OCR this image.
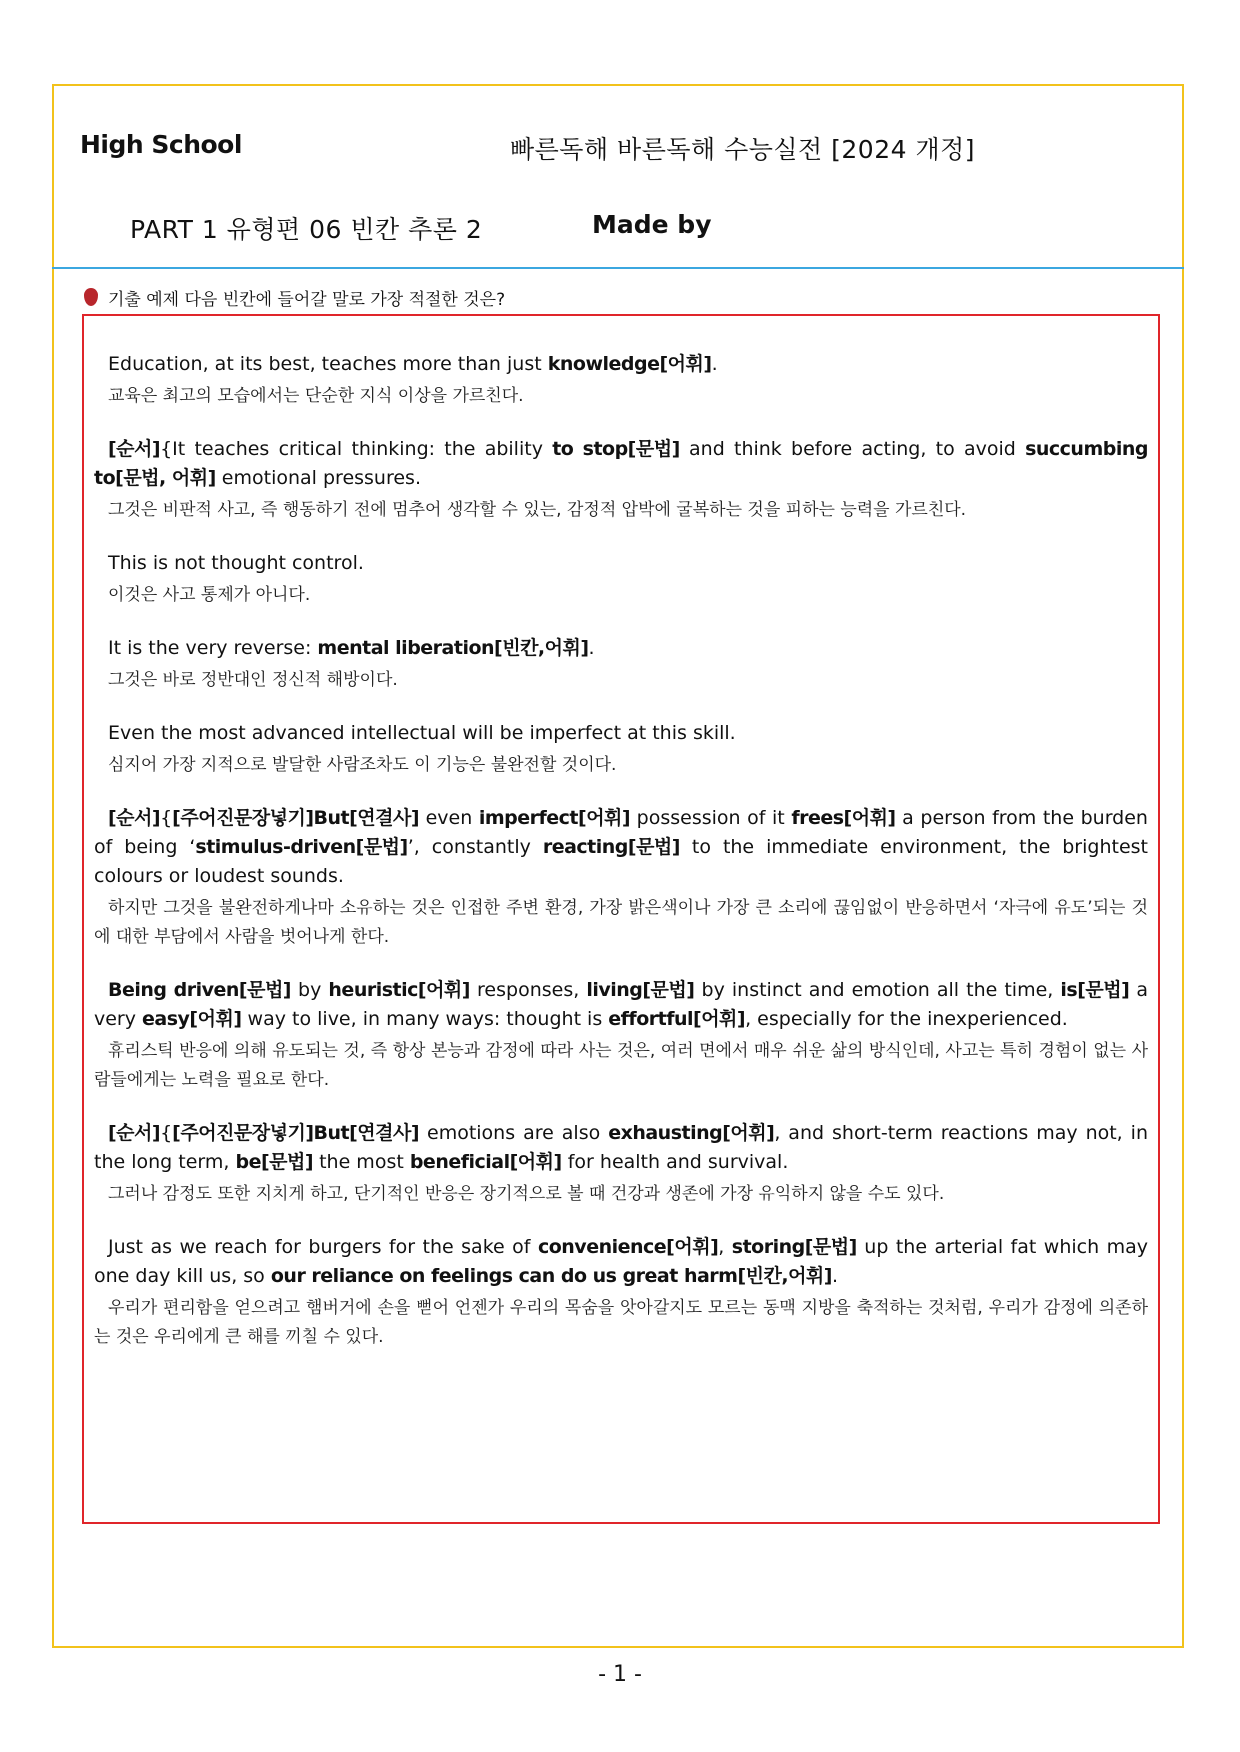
High School	빠른독해 바른독해 수능실전 [2024 개정]
PART 1 유형편 06 빈칸 추론 2	Made by
기출 예제 다음 빈칸에 들어갈 말로 가장 적절한 것은?
Education, at its best, teaches more than just knowledge[어휘].
교육은 최고의 모습에서는 단순한 지식 이상을 가르친다.
[순서]{It teaches critical thinking: the ability to stop[문법] and think before acting, to avoid succumbing to[문법, 어휘] emotional pressures.
그것은 비판적 사고, 즉 행동하기 전에 멈추어 생각할 수 있는, 감정적 압박에 굴복하는 것을 피하는 능력을 가르친다.
This is not thought control.
이것은 사고 통제가 아니다.
It is the very reverse: mental liberation[빈칸,어휘].
그것은 바로 정반대인 정신적 해방이다.
Even the most advanced intellectual will be imperfect at this skill.
심지어 가장 지적으로 발달한 사람조차도 이 기능은 불완전할 것이다.
[순서]{[주어진문장넣기]But[연결사] even imperfect[어휘] possession of it frees[어휘] a person from the burden of being ‘stimulus-driven[문법]’, constantly reacting[문법] to the immediate environment, the brightest colours or loudest sounds.
하지만 그것을 불완전하게나마 소유하는 것은 인접한 주변 환경, 가장 밝은색이나 가장 큰 소리에 끊임없이 반응하면서 ‘자극에 유도’되는 것에 대한 부담에서 사람을 벗어나게 한다.
Being driven[문법] by heuristic[어휘] responses, living[문법] by instinct and emotion all the time, is[문법] a very easy[어휘] way to live, in many ways: thought is effortful[어휘], especially for the inexperienced.
휴리스틱 반응에 의해 유도되는 것, 즉 항상 본능과 감정에 따라 사는 것은, 여러 면에서 매우 쉬운 삶의 방식인데, 사고는 특히 경험이 없는 사람들에게는 노력을 필요로 한다.
[순서]{[주어진문장넣기]But[연결사] emotions are also exhausting[어휘], and short-term reactions may not, in the long term, be[문법] the most beneficial[어휘] for health and survival.
그러나 감정도 또한 지치게 하고, 단기적인 반응은 장기적으로 볼 때 건강과 생존에 가장 유익하지 않을 수도 있다.
Just as we reach for burgers for the sake of convenience[어휘], storing[문법] up the arterial fat which may one day kill us, so our reliance on feelings can do us great harm[빈칸,어휘].
우리가 편리함을 얻으려고 햄버거에 손을 뻗어 언젠가 우리의 목숨을 앗아갈지도 모르는 동맥 지방을 축적하는 것처럼, 우리가 감정에 의존하는 것은 우리에게 큰 해를 끼칠 수 있다.
- 1 -
